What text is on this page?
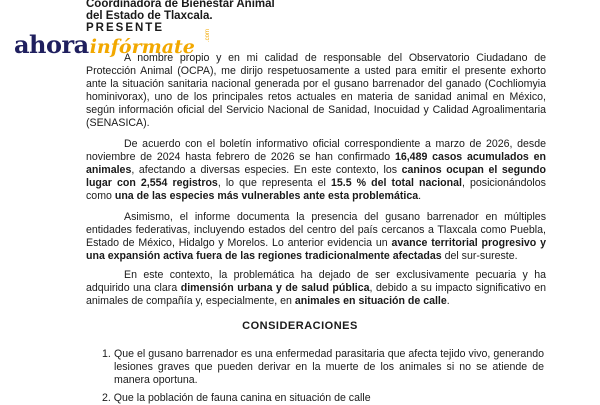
Coordinadora de Bienestar Animal
del Estado de Tlaxcala.
PRESENTE
ahorainfórmate
.com

A nombre propio y en mi calidad de responsable del Observatorio Ciudadano de Protección Animal (OCPA), me dirijo respetuosamente a usted para emitir el presente exhorto ante la situación sanitaria nacional generada por el gusano barrenador del ganado (Cochliomyia hominivorax), uno de los principales retos actuales en materia de sanidad animal en México, según información oficial del Servicio Nacional de Sanidad, Inocuidad y Calidad Agroalimentaria (SENASICA).

De acuerdo con el boletín informativo oficial correspondiente a marzo de 2026, desde noviembre de 2024 hasta febrero de 2026 se han confirmado 16,489 casos acumulados en animales, afectando a diversas especies. En este contexto, los caninos ocupan el segundo lugar con 2,554 registros, lo que representa el 15.5 % del total nacional, posicionándolos como una de las especies más vulnerables ante esta problemática.

Asimismo, el informe documenta la presencia del gusano barrenador en múltiples entidades federativas, incluyendo estados del centro del país cercanos a Tlaxcala como Puebla, Estado de México, Hidalgo y Morelos. Lo anterior evidencia un avance territorial progresivo y una expansión activa fuera de las regiones tradicionalmente afectadas del sur-sureste.

En este contexto, la problemática ha dejado de ser exclusivamente pecuaria y ha adquirido una clara dimensión urbana y de salud pública, debido a su impacto significativo en animales de compañía y, especialmente, en animales en situación de calle.

CONSIDERACIONES
1. Que el gusano barrenador es una enfermedad parasitaria que afecta tejido vivo, generando lesiones graves que pueden derivar en la muerte de los animales si no se atiende de manera oportuna.
2. Que la población de fauna canina en situación de calle
